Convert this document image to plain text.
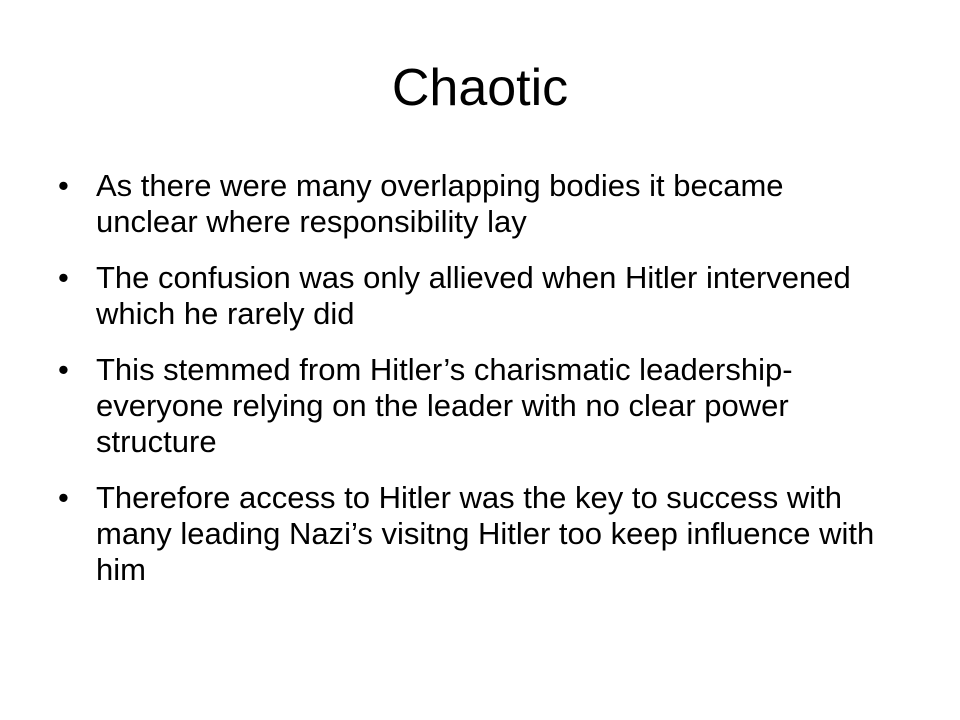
Chaotic
• As there were many overlapping bodies it became unclear where responsibility lay
• The confusion was only allieved when Hitler intervened which he rarely did
• This stemmed from Hitler’s charismatic leadership- everyone relying on the leader with no clear power structure
• Therefore access to Hitler was the key to success with many leading Nazi’s visitng Hitler too keep influence with him
